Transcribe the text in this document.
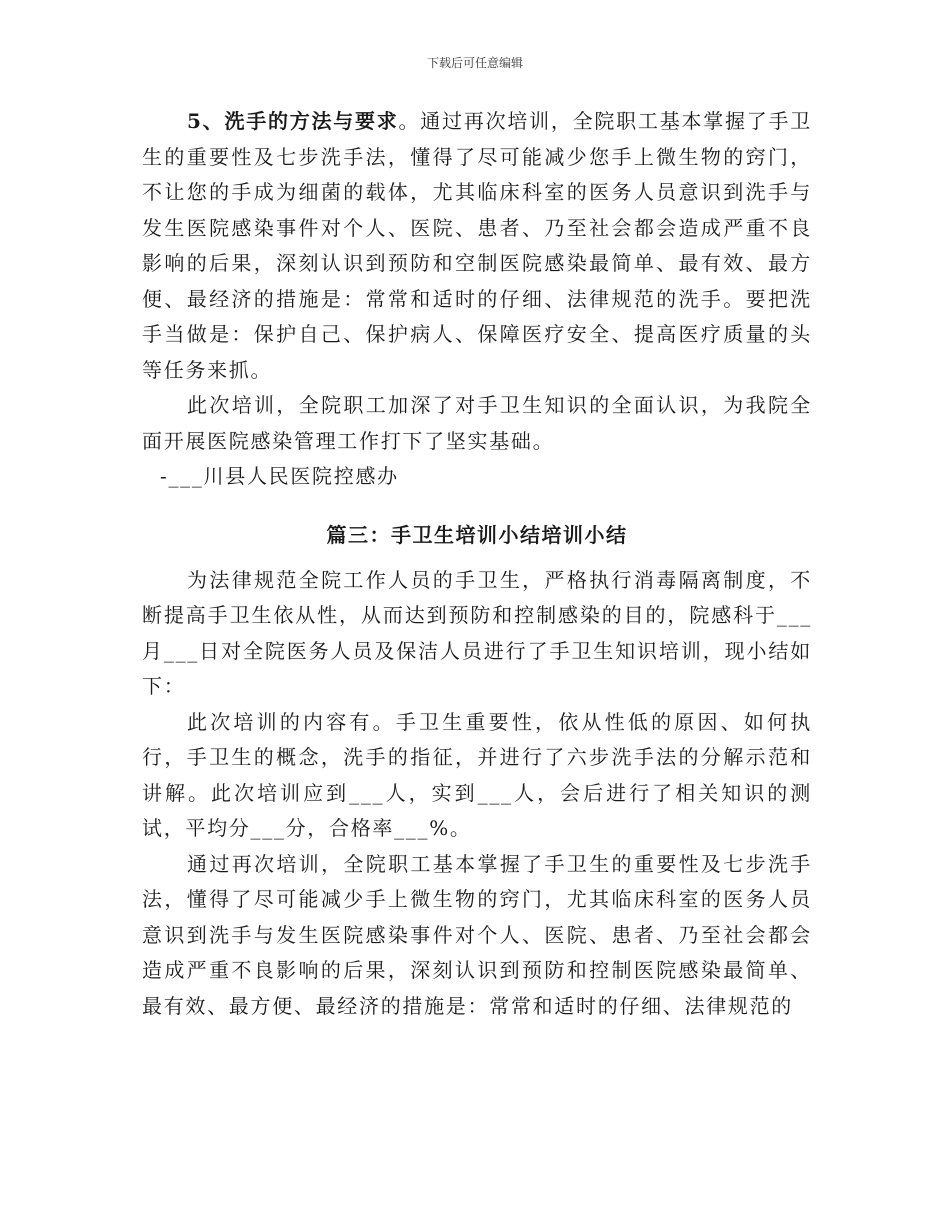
下载后可任意编辑

5、洗手的方法与要求。通过再次培训，全院职工基本掌握了手卫生的重要性及七步洗手法，懂得了尽可能减少您手上微生物的窍门，不让您的手成为细菌的载体，尤其临床科室的医务人员意识到洗手与发生医院感染事件对个人、医院、患者、乃至社会都会造成严重不良影响的后果，深刻认识到预防和空制医院感染最简单、最有效、最方便、最经济的措施是：常常和适时的仔细、法律规范的洗手。要把洗手当做是：保护自己、保护病人、保障医疗安全、提高医疗质量的头等任务来抓。

此次培训，全院职工加深了对手卫生知识的全面认识，为我院全面开展医院感染管理工作打下了坚实基础。

-___川县人民医院控感办

篇三：手卫生培训小结培训小结

为法律规范全院工作人员的手卫生，严格执行消毒隔离制度，不断提高手卫生依从性，从而达到预防和控制感染的目的，院感科于___月___日对全院医务人员及保洁人员进行了手卫生知识培训，现小结如下：

此次培训的内容有。手卫生重要性，依从性低的原因、如何执行，手卫生的概念，洗手的指征，并进行了六步洗手法的分解示范和讲解。此次培训应到___人，实到___人，会后进行了相关知识的测试，平均分___分，合格率___%。

通过再次培训，全院职工基本掌握了手卫生的重要性及七步洗手法，懂得了尽可能减少手上微生物的窍门，尤其临床科室的医务人员意识到洗手与发生医院感染事件对个人、医院、患者、乃至社会都会造成严重不良影响的后果，深刻认识到预防和控制医院感染最简单、最有效、最方便、最经济的措施是：常常和适时的仔细、法律规范的
